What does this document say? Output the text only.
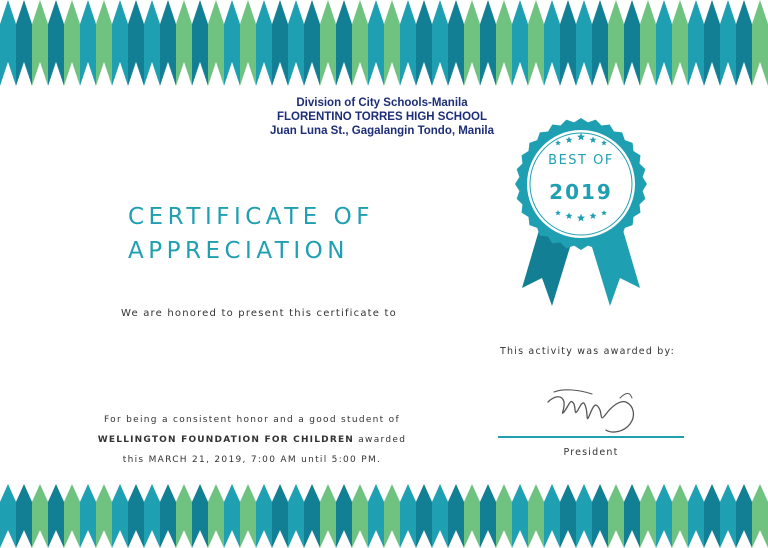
Division of City Schools-Manila
FLORENTINO TORRES HIGH SCHOOL
Juan Luna St., Gagalangin Tondo, Manila
CERTIFICATE OF
APPRECIATION
We are honored to present this certificate to
For being a consistent honor and a good student of
WELLINGTON FOUNDATION FOR CHILDREN awarded
this MARCH 21, 2019, 7:00 AM until 5:00 PM.
This activity was awarded by:
President
BEST OF
2019
